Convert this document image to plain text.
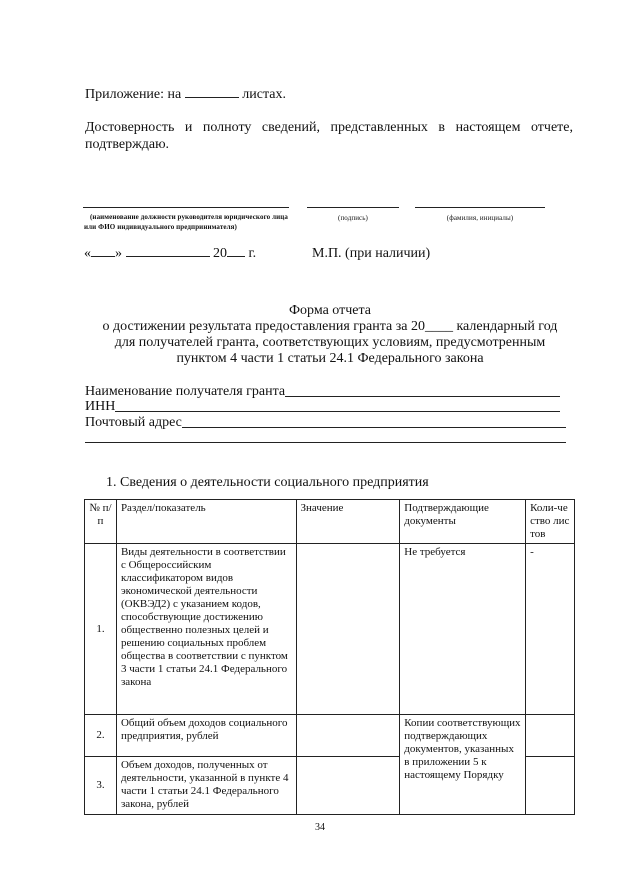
Приложение: на	листах.
Достоверность и полноту сведений, представленных в настоящем отчете, подтверждаю.
(наименование должности руководителя юридического лица или ФИО индивидуального предпринимателя)
(подпись)	(фамилия, инициалы)
« »	20 г.	М.П. (при наличии)
Форма отчета
о достижении результата предоставления гранта за 20____ календарный год
для получателей гранта, соответствующих условиям, предусмотренным
пунктом 4 части 1 статьи 24.1 Федерального закона
Наименование получателя гранта
ИНН
Почтовый адрес
1. Сведения о деятельности социального предприятия
№ п/п	Раздел/показатель	Значение	Подтверждающие документы	Коли-чество листов
1.	Виды деятельности в соответствии с Общероссийским классификатором видов экономической деятельности (ОКВЭД2) с указанием кодов, способствующие достижению общественно полезных целей и решению социальных проблем общества в соответствии с пунктом 3 части 1 статьи 24.1 Федерального закона		Не требуется	-
2.	Общий объем доходов социального предприятия, рублей		Копии соответствующих подтверждающих документов, указанных в приложении 5 к настоящему Порядку	
3.	Объем доходов, полученных от деятельности, указанной в пункте 4 части 1 статьи 24.1 Федерального закона, рублей			
34
